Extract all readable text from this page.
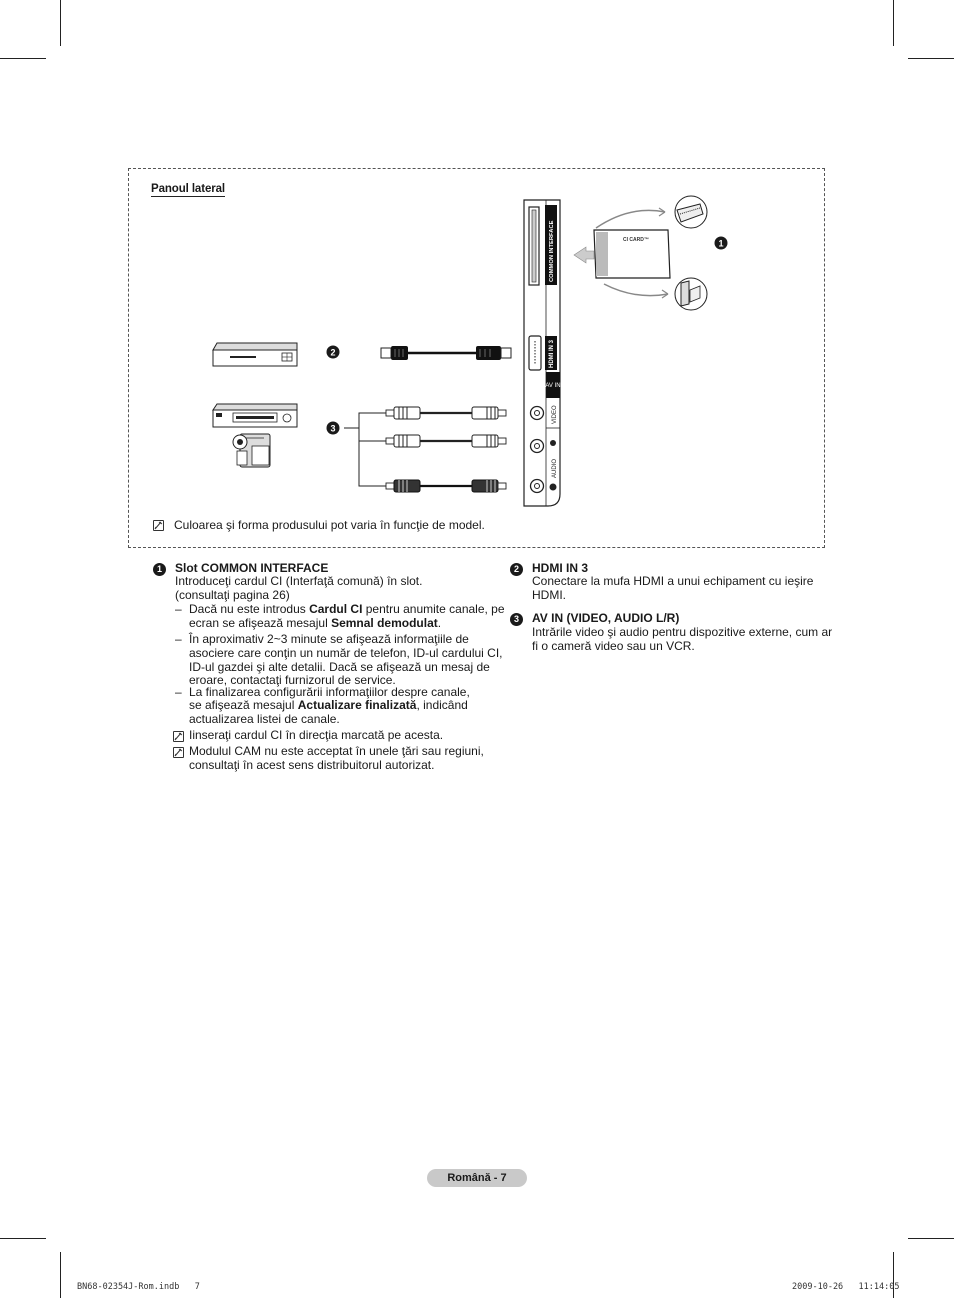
Panoul lateral
COMMON INTERFACE
HDMI IN 3
AV IN
VIDEO
AUDIO
CI CARD™	1
2
3
Culoarea şi forma produsului pot varia în funcţie de model.
1	Slot COMMON INTERFACE
Introduceţi cardul CI (Interfaţă comună) în slot.
(consultaţi pagina 26)
– Dacă nu este introdus Cardul CI pentru anumite canale, pe
ecran se afişează mesajul Semnal demodulat.
– În aproximativ 2~3 minute se afişează informaţiile de
asociere care conţin un număr de telefon, ID-ul cardului CI,
ID-ul gazdei şi alte detalii. Dacă se afişează un mesaj de
eroare, contactaţi furnizorul de service.
– La finalizarea configurării informaţiilor despre canale,
se afişează mesajul Actualizare finalizată, indicând
actualizarea listei de canale.
Iinseraţi cardul CI în direcţia marcată pe acesta.
Modulul CAM nu este acceptat în unele ţări sau regiuni,
consultaţi în acest sens distribuitorul autorizat.
2	HDMI IN 3
Conectare la mufa HDMI a unui echipament cu ieşire
HDMI.
3	AV IN (VIDEO, AUDIO L/R)
Intrările video şi audio pentru dispozitive externe, cum ar
fi o cameră video sau un VCR.
Română - 7
BN68-02354J-Rom.indb   7	2009-10-26   11:14:05
